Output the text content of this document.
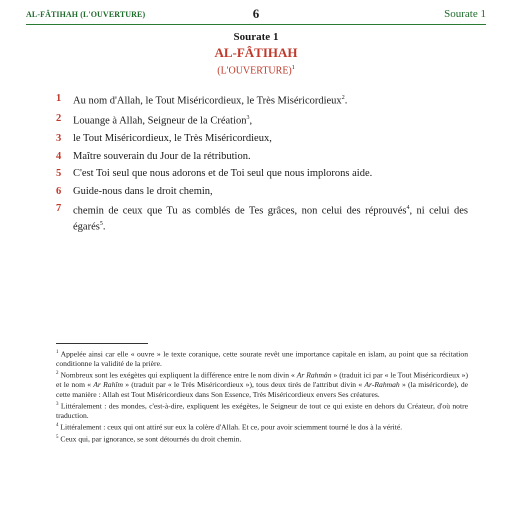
AL-FÂTIHAH (L'OUVERTURE)	6	Sourate 1
Sourate 1
AL-FÂTIHAH
(L'OUVERTURE)$^1$
1 Au nom d'Allah, le Tout Miséricordieux, le Très Miséricordieux$^2$.
2 Louange à Allah, Seigneur de la Création$^3$,
3 le Tout Miséricordieux, le Très Miséricordieux,
4 Maître souverain du Jour de la rétribution.
5 C'est Toi seul que nous adorons et de Toi seul que nous implorons aide.
6 Guide-nous dans le droit chemin,
7 chemin de ceux que Tu as comblés de Tes grâces, non celui des réprouvés$^4$, ni celui des égarés$^5$.
$^1$ Appelée ainsi car elle « ouvre » le texte coranique, cette sourate revêt une importance capitale en islam, au point que sa récitation conditionne la validité de la prière.
$^2$ Nombreux sont les exégètes qui expliquent la différence entre le nom divin « Ar Rahmân » (traduit ici par « le Tout Miséricordieux ») et le nom « Ar Rahîm » (traduit par « le Très Miséricordieux »), tous deux tirés de l'attribut divin « Ar-Rahmah » (la miséricorde), de cette manière : Allah est Tout Miséricordieux dans Son Essence, Très Miséricordieux envers Ses créatures.
$^3$ Littéralement : des mondes, c'est-à-dire, expliquent les exégètes, le Seigneur de tout ce qui existe en dehors du Créateur, d'où notre traduction.
$^4$ Littéralement : ceux qui ont attiré sur eux la colère d'Allah. Et ce, pour avoir sciemment tourné le dos à la vérité.
$^5$ Ceux qui, par ignorance, se sont détournés du droit chemin.
